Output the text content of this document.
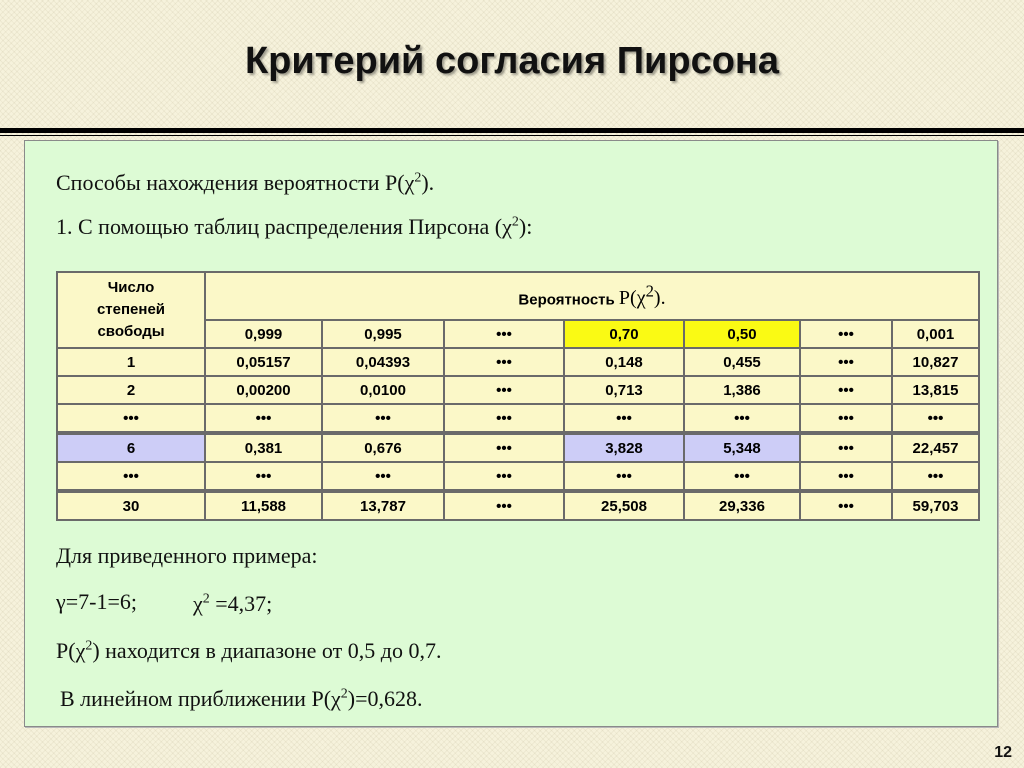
Критерий согласия Пирсона
Способы нахождения вероятности $Р(\chi^2)$.
1. С помощью таблиц распределения Пирсона $(\chi^2)$:
Число
степеней
свободы	Вероятность $Р(\chi^2)$.						
	0,999	0,995	•••	0,70	0,50	•••	0,001
1	0,05157	0,04393	•••	0,148	0,455	•••	10,827
2	0,00200	0,0100	•••	0,713	1,386	•••	13,815
•••	•••	•••	•••	•••	•••	•••	•••
6	0,381	0,676	•••	3,828	5,348	•••	22,457
•••	•••	•••	•••	•••	•••	•••	•••
30	11,588	13,787	•••	25,508	29,336	•••	59,703
Для приведенного примера:
γ=7-1=6;	$\chi^2 =4,37$;
$Р(\chi^2)$ находится в диапазоне от 0,5 до 0,7.
В линейном приближении $Р(\chi^2)=0,628$.
12
